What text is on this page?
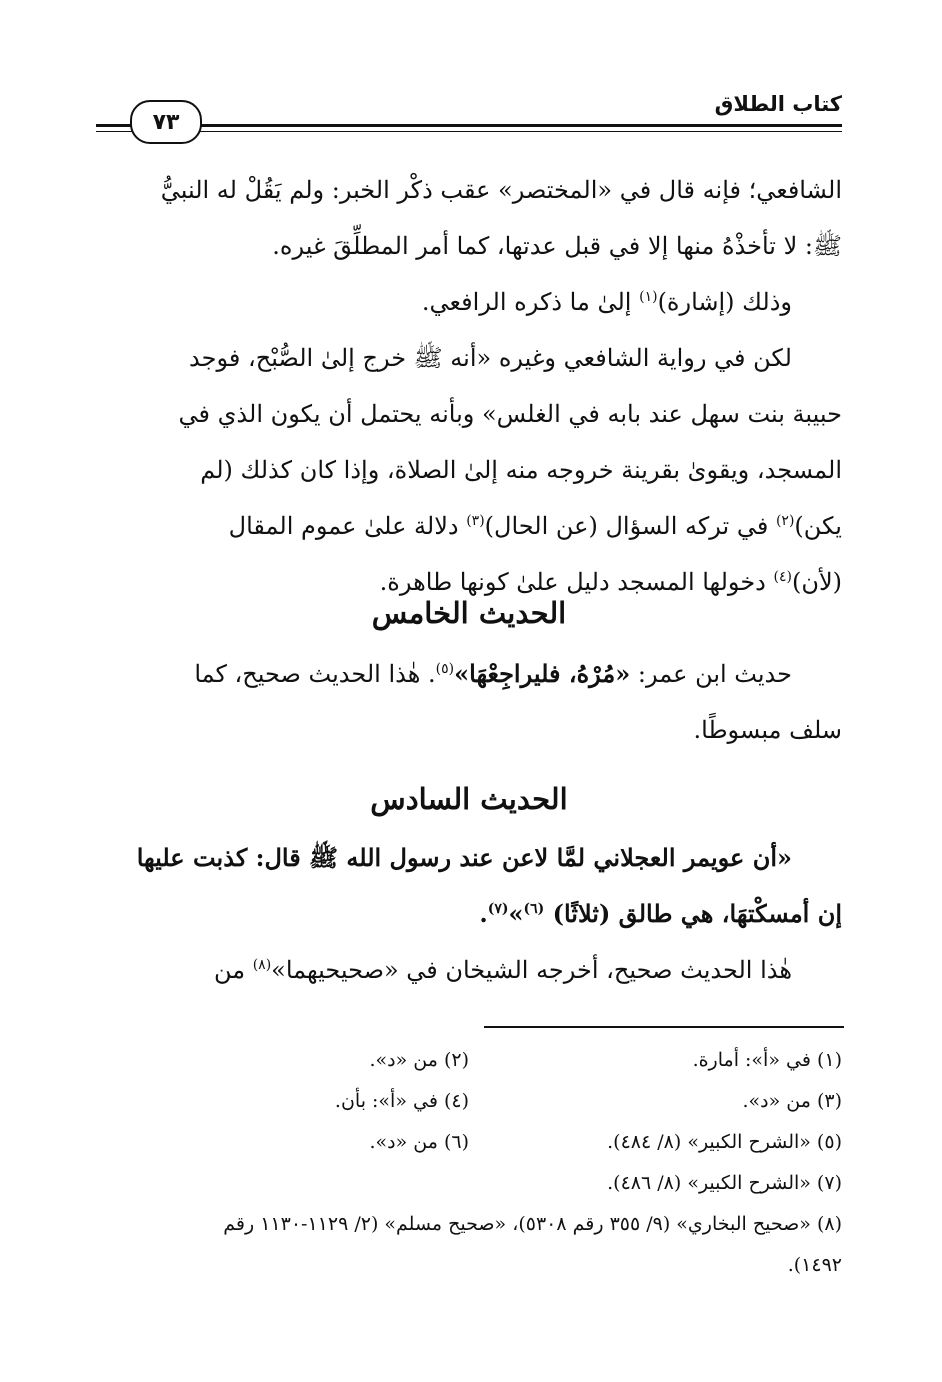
كتاب الطلاق
٧٣

الشافعي؛ فإنه قال في «المختصر» عقب ذكْر الخبر: ولم يَقُلْ له النبيُّ
ﷺ: لا تأخذْهُ منها إلا في قبل عدتها، كما أمر المطلِّقَ غيره.

وذلك (إشارة)$^{(١)}$ إلىٰ ما ذكره الرافعي.

لكن في رواية الشافعي وغيره «أنه ﷺ خرج إلىٰ الصُّبْح، فوجد
حبيبة بنت سهل عند بابه في الغلس» وبأنه يحتمل أن يكون الذي في
المسجد، ويقوىٰ بقرينة خروجه منه إلىٰ الصلاة، وإذا كان كذلك (لم
يكن)$^{(٢)}$ في تركه السؤال (عن الحال)$^{(٣)}$ دلالة علىٰ عموم المقال
(لأن)$^{(٤)}$ دخولها المسجد دليل علىٰ كونها طاهرة.

الحديث الخامس

حديث ابن عمر: «مُرْهُ، فليراجِعْهَا»$^{(٥)}$. هٰذا الحديث صحيح، كما
سلف مبسوطًا.

الحديث السادس

«أن عويمر العجلاني لمَّا لاعن عند رسول الله ﷺ قال: كذبت عليها

إن أمسكْتهَا، هي طالق (ثلاثًا) $^{(٦)}$»$^{(٧)}$.

هٰذا الحديث صحيح، أخرجه الشيخان في «صحيحيهما»$^{(٨)}$ من

(١) في «أ»: أمارة.
(٢) من «د».
(٣) من «د».
(٤) في «أ»: بأن.
(٥) «الشرح الكبير» (٨/ ٤٨٤).
(٦) من «د».
(٧) «الشرح الكبير» (٨/ ٤٨٦).
(٨) «صحيح البخاري» (٩/ ٣٥٥ رقم ٥٣٠٨)، «صحيح مسلم» (٢/ ١١٢٩-١١٣٠ رقم
١٤٩٢).
